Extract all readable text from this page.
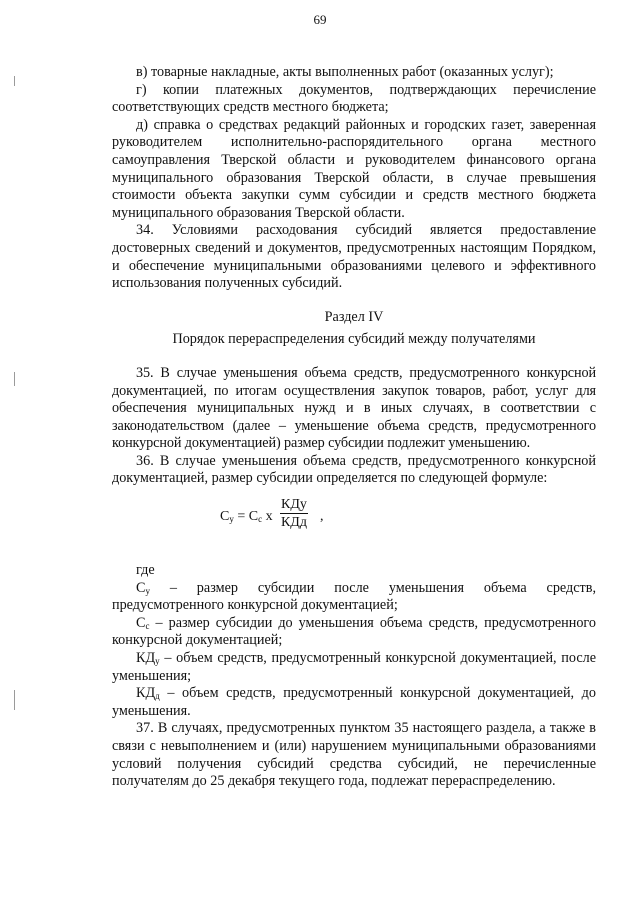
69

в) товарные накладные, акты выполненных работ (оказанных услуг);

г) копии платежных документов, подтверждающих перечисление соответствующих средств местного бюджета;

д) справка о средствах редакций районных и городских газет, заверенная руководителем исполнительно-распорядительного органа местного самоуправления Тверской области и руководителем финансового органа муниципального образования Тверской области, в случае превышения стоимости объекта закупки сумм субсидии и средств местного бюджета муниципального образования Тверской области.

34. Условиями расходования субсидий является предоставление достоверных сведений и документов, предусмотренных настоящим Порядком, и обеспечение муниципальными образованиями целевого и эффективного использования полученных субсидий.

Раздел IV

Порядок перераспределения субсидий между получателями

35. В случае уменьшения объема средств, предусмотренного конкурсной документацией, по итогам осуществления закупок товаров, работ, услуг для обеспечения муниципальных нужд и в иных случаях, в соответствии с законодательством (далее – уменьшение объема средств, предусмотренного конкурсной документацией) размер субсидии подлежит уменьшению.

36. В случае уменьшения объема средств, предусмотренного конкурсной документацией, размер субсидии определяется по следующей формуле:

$С_у = С_с$ х
КДу
КДд ,

где

$С_у$ – размер субсидии после уменьшения объема средств, предусмотренного конкурсной документацией;

$С_с$ – размер субсидии до уменьшения объема средств, предусмотренного конкурсной документацией;

$КД_у$ – объем средств, предусмотренный конкурсной документацией, после уменьшения;

$КД_д$ – объем средств, предусмотренный конкурсной документацией, до уменьшения.

37. В случаях, предусмотренных пунктом 35 настоящего раздела, а также в связи с невыполнением и (или) нарушением муниципальными образованиями условий получения субсидий средства субсидий, не перечисленные получателям до 25 декабря текущего года, подлежат перераспределению.
